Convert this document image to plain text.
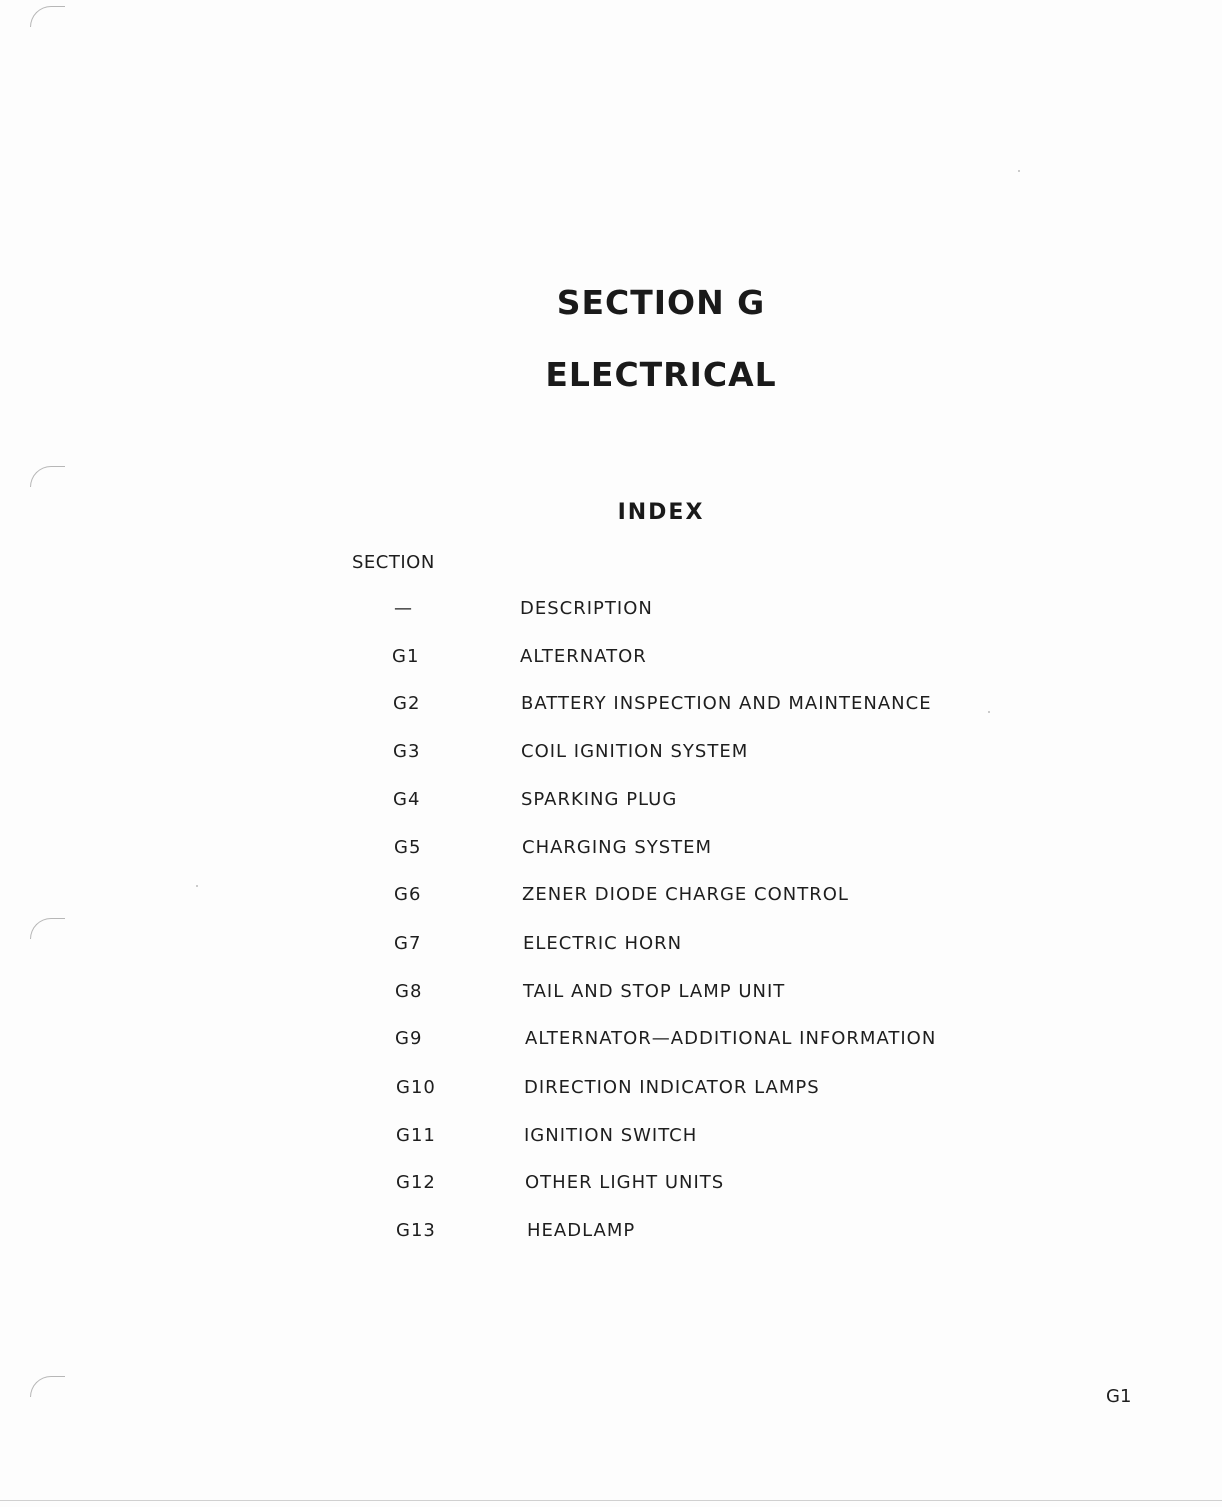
SECTION G
ELECTRICAL
INDEX
SECTION
—	DESCRIPTION
G1	ALTERNATOR
G2	BATTERY INSPECTION AND MAINTENANCE
G3	COIL IGNITION SYSTEM
G4	SPARKING PLUG
G5	CHARGING SYSTEM
G6	ZENER DIODE CHARGE CONTROL
G7	ELECTRIC HORN
G8	TAIL AND STOP LAMP UNIT
G9	ALTERNATOR—ADDITIONAL INFORMATION
G10	DIRECTION INDICATOR LAMPS
G11	IGNITION SWITCH
G12	OTHER LIGHT UNITS
G13	HEADLAMP
G1
